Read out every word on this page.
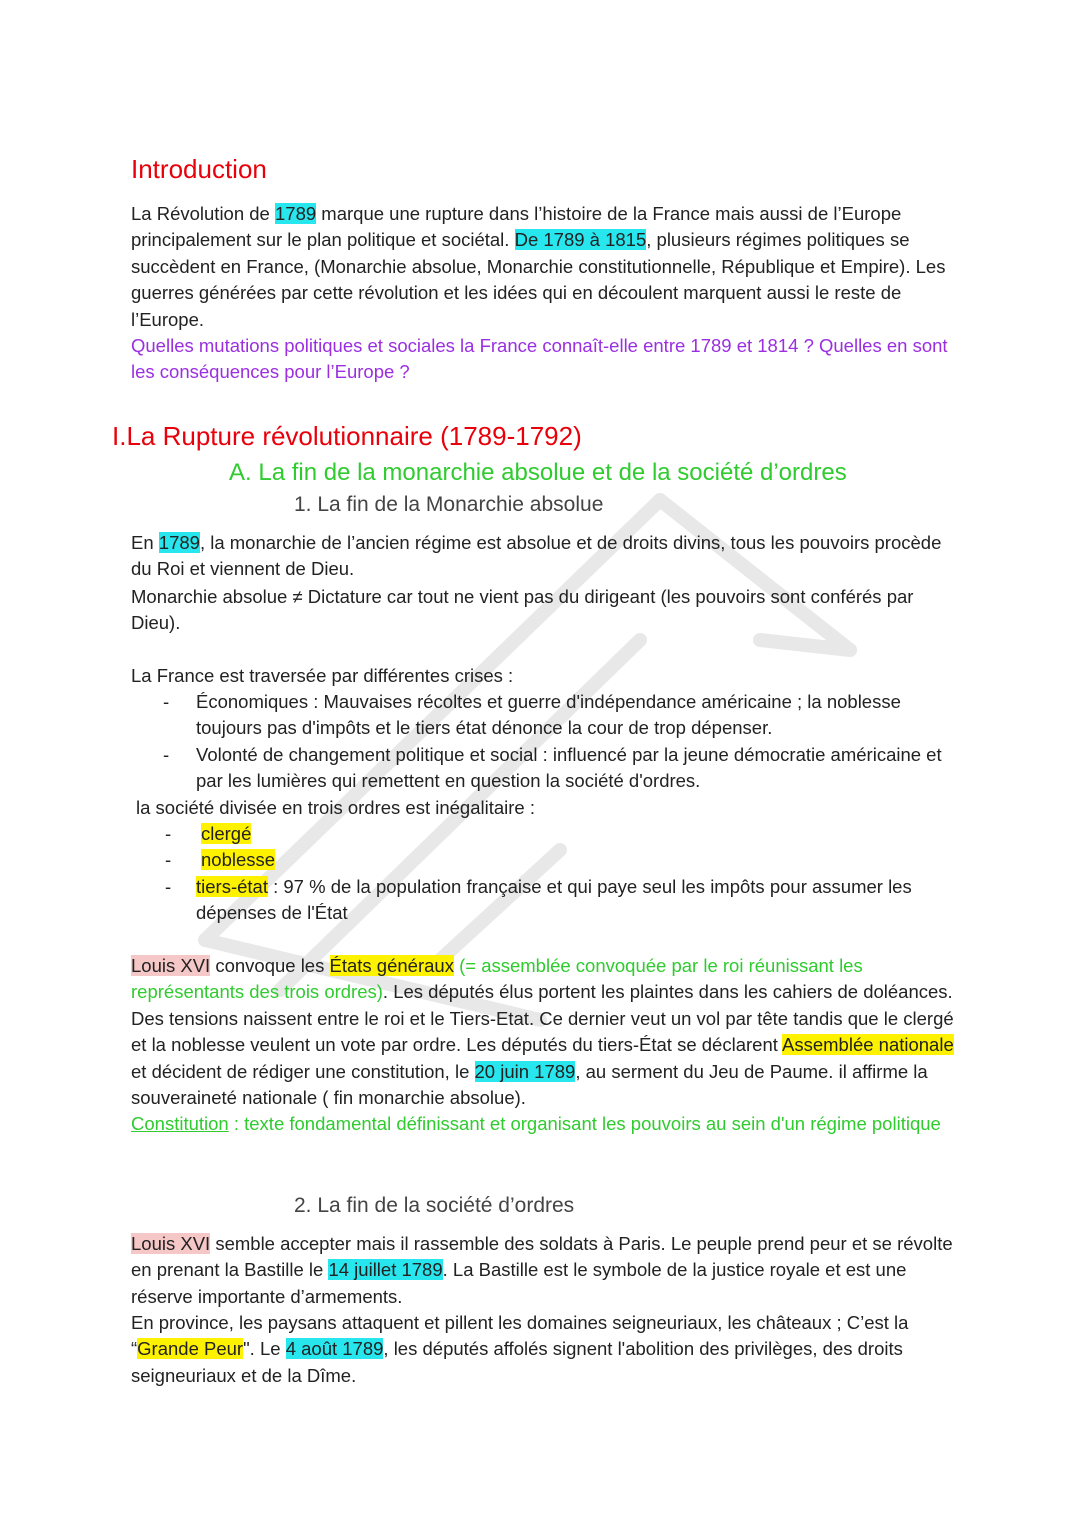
Introduction

La Révolution de 1789 marque une rupture dans l’histoire de la France mais aussi de l’Europe principalement sur le plan politique et sociétal. De 1789 à 1815, plusieurs régimes politiques se succèdent en France, (Monarchie absolue, Monarchie constitutionnelle, République et Empire). Les guerres générées par cette révolution et les idées qui en découlent marquent aussi le reste de l’Europe.

Quelles mutations politiques et sociales la France connaît-elle entre 1789 et 1814 ? Quelles en sont les conséquences pour l’Europe ?

I.La Rupture révolutionnaire (1789-1792)
A. La fin de la monarchie absolue et de la société d’ordres
1. La fin de la Monarchie absolue

En 1789, la monarchie de l’ancien régime est absolue et de droits divins, tous les pouvoirs procède du Roi et viennent de Dieu.

Monarchie absolue ≠ Dictature car tout ne vient pas du dirigeant (les pouvoirs sont conférés par Dieu).

La France est traversée par différentes crises :

- Économiques : Mauvaises récoltes et guerre d'indépendance américaine ; la noblesse toujours pas d'impôts et le tiers état dénonce la cour de trop dépenser.
- Volonté de changement politique et social : influencé par la jeune démocratie américaine et par les lumières qui remettent en question la société d'ordres.

la société divisée en trois ordres est inégalitaire :

- clergé
- noblesse
- tiers-état : 97 % de la population française et qui paye seul les impôts pour assumer les dépenses de l'État

Louis XVI convoque les États généraux (= assemblée convoquée par le roi réunissant les représentants des trois ordres). Les députés élus portent les plaintes dans les cahiers de doléances. Des tensions naissent entre le roi et le Tiers-Etat. Ce dernier veut un vol par tête tandis que le clergé et la noblesse veulent un vote par ordre. Les députés du tiers-État se déclarent Assemblée nationale et décident de rédiger une constitution, le 20 juin 1789, au serment du Jeu de Paume. il affirme la souveraineté nationale ( fin monarchie absolue).

Constitution : texte fondamental définissant et organisant les pouvoirs au sein d'un régime politique

2. La fin de la société d’ordres

Louis XVI semble accepter mais il rassemble des soldats à Paris. Le peuple prend peur et se révolte en prenant la Bastille le 14 juillet 1789. La Bastille est le symbole de la justice royale et est une réserve importante d’armements.

En province, les paysans attaquent et pillent les domaines seigneuriaux, les châteaux ; C’est la “Grande Peur". Le 4 août 1789, les députés affolés signent l'abolition des privilèges, des droits seigneuriaux et de la Dîme.
